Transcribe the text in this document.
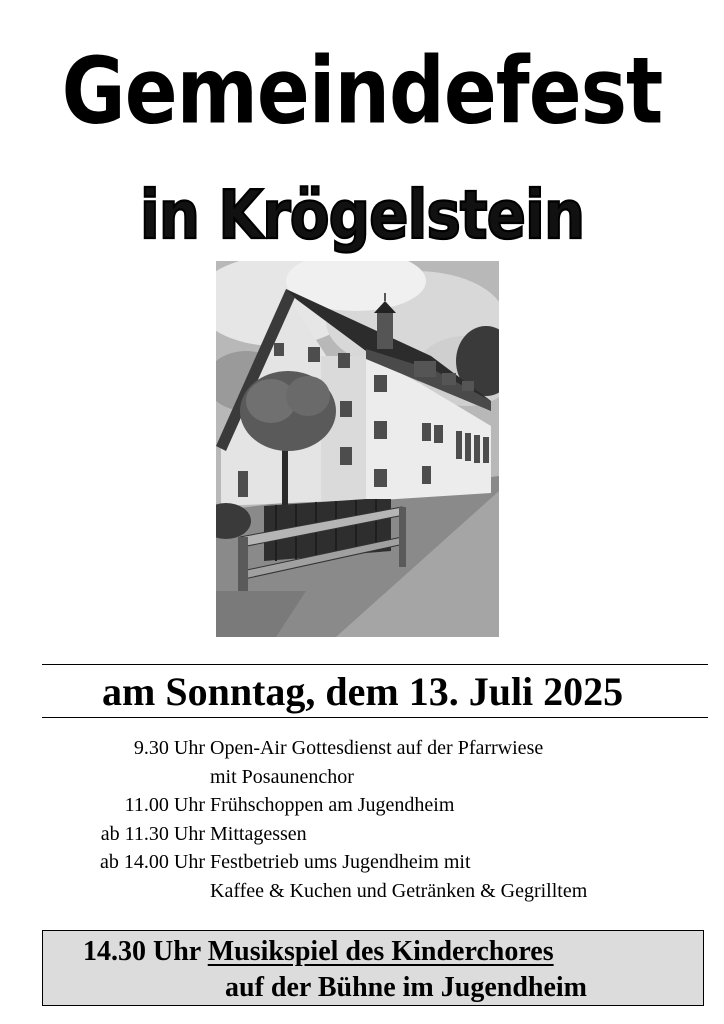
Gemeindefest
in Krögelstein
am Sonntag, dem 13. Juli 2025
9.30 Uhr Open-Air Gottesdienst auf der Pfarrwiese
mit Posaunenchor
11.00 Uhr Frühschoppen am Jugendheim
ab 11.30 Uhr Mittagessen
ab 14.00 Uhr Festbetrieb ums Jugendheim mit
Kaffee & Kuchen und Getränken & Gegrilltem
14.30 Uhr Musikspiel des Kinderchores
auf der Bühne im Jugendheim
